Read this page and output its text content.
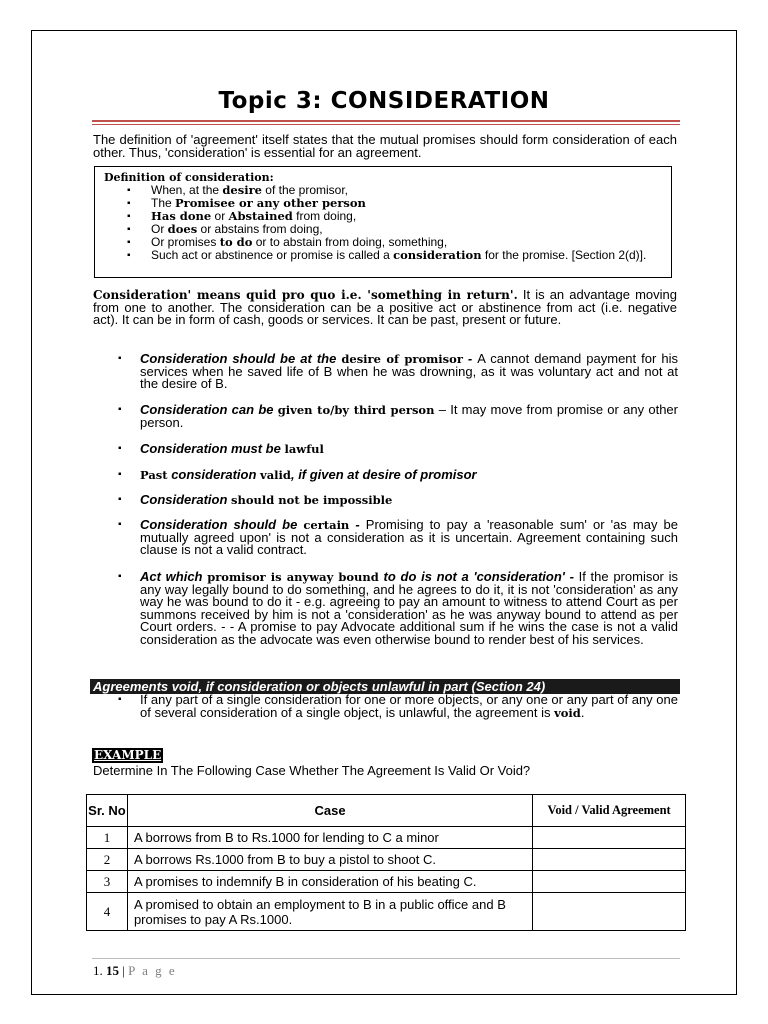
Topic 3: CONSIDERATION

The definition of 'agreement' itself states that the mutual promises should form consideration of each other. Thus, 'consideration' is essential for an agreement.

Definition of consideration:
▪ When, at the desire of the promisor,
▪ The Promisee or any other person
▪ Has done or Abstained from doing,
▪ Or does or abstains from doing,
▪ Or promises to do or to abstain from doing, something,
▪ Such act or abstinence or promise is called a consideration for the promise. [Section 2(d)].

Consideration' means quid pro quo i.e. 'something in return'. It is an advantage moving from one to another. The consideration can be a positive act or abstinence from act (i.e. negative act). It can be in form of cash, goods or services. It can be past, present or future.

▪ Consideration should be at the desire of promisor - A cannot demand payment for his services when he saved life of B when he was drowning, as it was voluntary act and not at the desire of B.
▪ Consideration can be given to/by third person – It may move from promise or any other person.
▪ Consideration must be lawful
▪ Past consideration valid, if given at desire of promisor
▪ Consideration should not be impossible
▪ Consideration should be certain - Promising to pay a 'reasonable sum' or 'as may be mutually agreed upon' is not a consideration as it is uncertain. Agreement containing such clause is not a valid contract.
▪ Act which promisor is anyway bound to do is not a 'consideration' - If the promisor is any way legally bound to do something, and he agrees to do it, it is not 'consideration' as any way he was bound to do it - e.g. agreeing to pay an amount to witness to attend Court as per summons received by him is not a 'consideration' as he was anyway bound to attend as per Court orders. - - A promise to pay Advocate additional sum if he wins the case is not a valid consideration as the advocate was even otherwise bound to render best of his services.
Agreements void, if consideration or objects unlawful in part (Section 24)
▪ If any part of a single consideration for one or more objects, or any one or any part of any one of several consideration of a single object, is unlawful, the agreement is void.
EXAMPLE

Determine In The Following Case Whether The Agreement Is Valid Or Void?

Sr. No	Case	Void / Valid Agreement
1	A borrows from B to Rs.1000 for lending to C a minor	
2	A borrows Rs.1000 from B to buy a pistol to shoot C.	
3	A promises to indemnify B in consideration of his beating C.	
4	A promised to obtain an employment to B in a public office and B promises to pay A Rs.1000.	
1. 15 | P a g e
